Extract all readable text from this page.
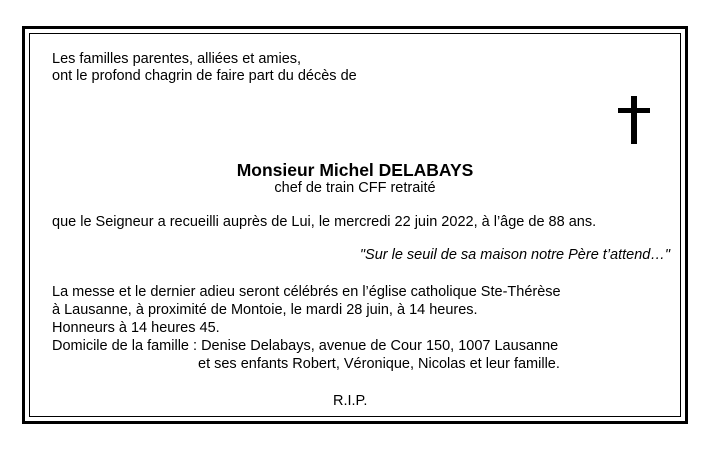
Les familles parentes, alliées et amies,
ont le profond chagrin de faire part du décès de
Monsieur Michel DELABAYS
chef de train CFF retraité
que le Seigneur a recueilli auprès de Lui, le mercredi 22 juin 2022, à l’âge de 88 ans.
"Sur le seuil de sa maison notre Père t’attend…"
La messe et le dernier adieu seront célébrés en l’église catholique Ste-Thérèse
à Lausanne, à proximité de Montoie, le mardi 28 juin, à 14 heures.
Honneurs à 14 heures 45.
Domicile de la famille : Denise Delabays, avenue de Cour 150, 1007 Lausanne
et ses enfants Robert, Véronique, Nicolas et leur famille.
R.I.P.
